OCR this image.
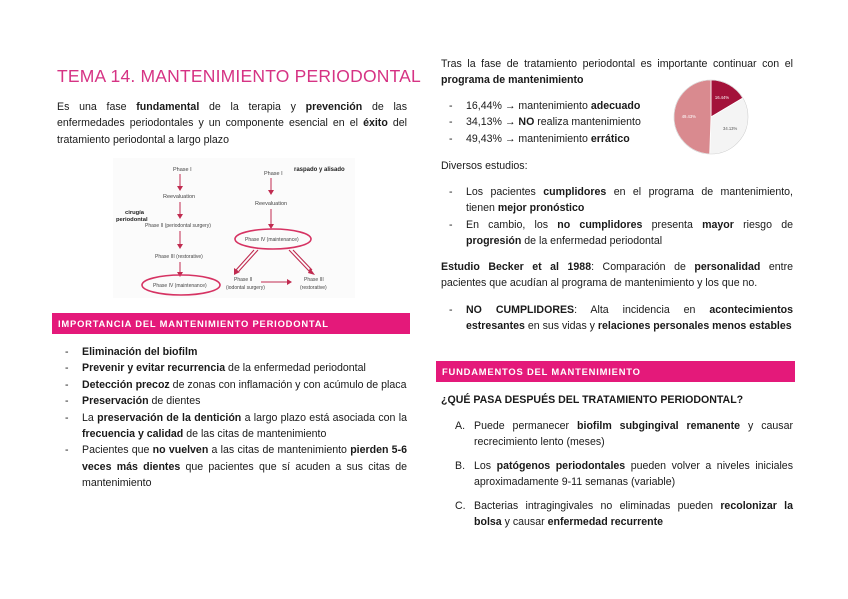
TEMA 14. MANTENIMIENTO PERIODONTAL
Es una fase fundamental de la terapia y prevención de las enfermedades periodontales y un componente esencial en el éxito del tratamiento periodontal a largo plazo
Phase I
Reevaluation
Phase II (periodontal surgery)
Phase III (restorative)
Phase IV (maintenance)
cirugía
periodontal
raspado y alisado
Phase I
Reevaluation
Phase IV (maintenance)
Phase II
(iodontal surgery)
Phase III
(restorative)
IMPORTANCIA DEL MANTENIMIENTO PERIODONTAL
- Eliminación del biofilm
- Prevenir y evitar recurrencia de la enfermedad periodontal
- Detección precoz de zonas con inflamación y con acúmulo de placa
- Preservación de dientes
- La preservación de la dentición a largo plazo está asociada con la frecuencia y calidad de las citas de mantenimiento
- Pacientes que no vuelven a las citas de mantenimiento pierden 5-6 veces más dientes que pacientes que sí acuden a sus citas de mantenimiento
Tras la fase de tratamiento periodontal es importante continuar con el programa de mantenimiento
- 16,44% → mantenimiento adecuado
- 34,13% → NO realiza mantenimiento
- 49,43% → mantenimiento errático
16.44%
34.13%
49.43%
Diversos estudios:
- Los pacientes cumplidores en el programa de mantenimiento, tienen mejor pronóstico
- En cambio, los no cumplidores presenta mayor riesgo de progresión de la enfermedad periodontal
Estudio Becker et al 1988: Comparación de personalidad entre pacientes que acudían al programa de mantenimiento y los que no.
- NO CUMPLIDORES: Alta incidencia en acontecimientos estresantes en sus vidas y relaciones personales menos estables
FUNDAMENTOS DEL MANTENIMIENTO
¿QUÉ PASA DESPUÉS DEL TRATAMIENTO PERIODONTAL?
A. Puede permanecer biofilm subgingival remanente y causar recrecimiento lento (meses)
B. Los patógenos periodontales pueden volver a niveles iniciales aproximadamente 9-11 semanas (variable)
C. Bacterias intragingivales no eliminadas pueden recolonizar la bolsa y causar enfermedad recurrente
